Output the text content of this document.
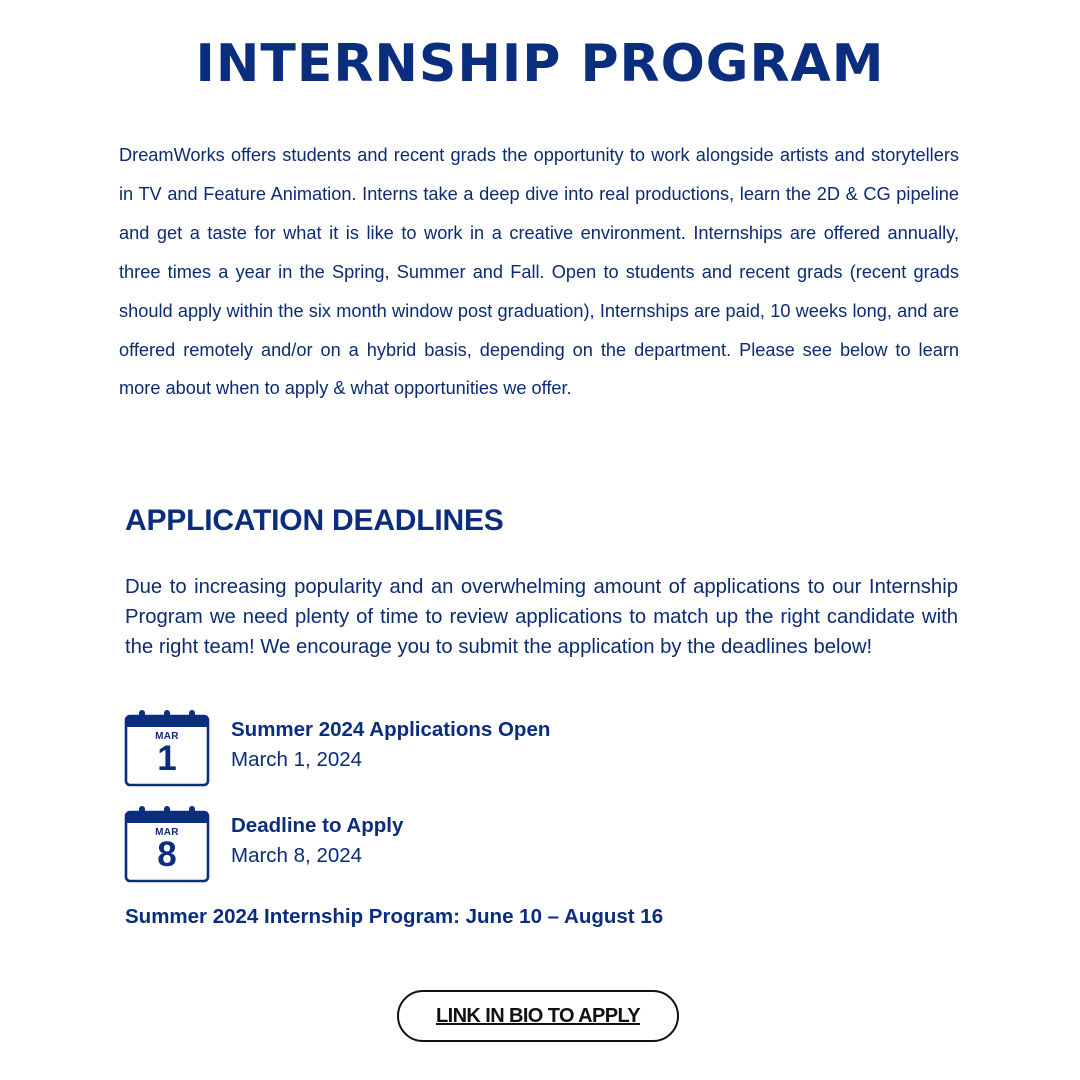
INTERNSHIP PROGRAM

DreamWorks offers students and recent grads the opportunity to work alongside artists and storytellers in TV and Feature Animation. Interns take a deep dive into real productions, learn the 2D & CG pipeline and get a taste for what it is like to work in a creative environment. Internships are offered annually, three times a year in the Spring, Summer and Fall. Open to students and recent grads (recent grads should apply within the six month window post graduation), Internships are paid, 10 weeks long, and are offered remotely and/or on a hybrid basis, depending on the department. Please see below to learn more about when to apply & what opportunities we offer.

APPLICATION DEADLINES

Due to increasing popularity and an overwhelming amount of applications to our Internship Program we need plenty of time to review applications to match up the right candidate with the right team! We encourage you to submit the application by the deadlines below!

MAR
1
Summer 2024 Applications Open
March 1, 2024
MAR
8
Deadline to Apply
March 8, 2024

Summer 2024 Internship Program: June 10 – August 16

LINK IN BIO TO APPLY
